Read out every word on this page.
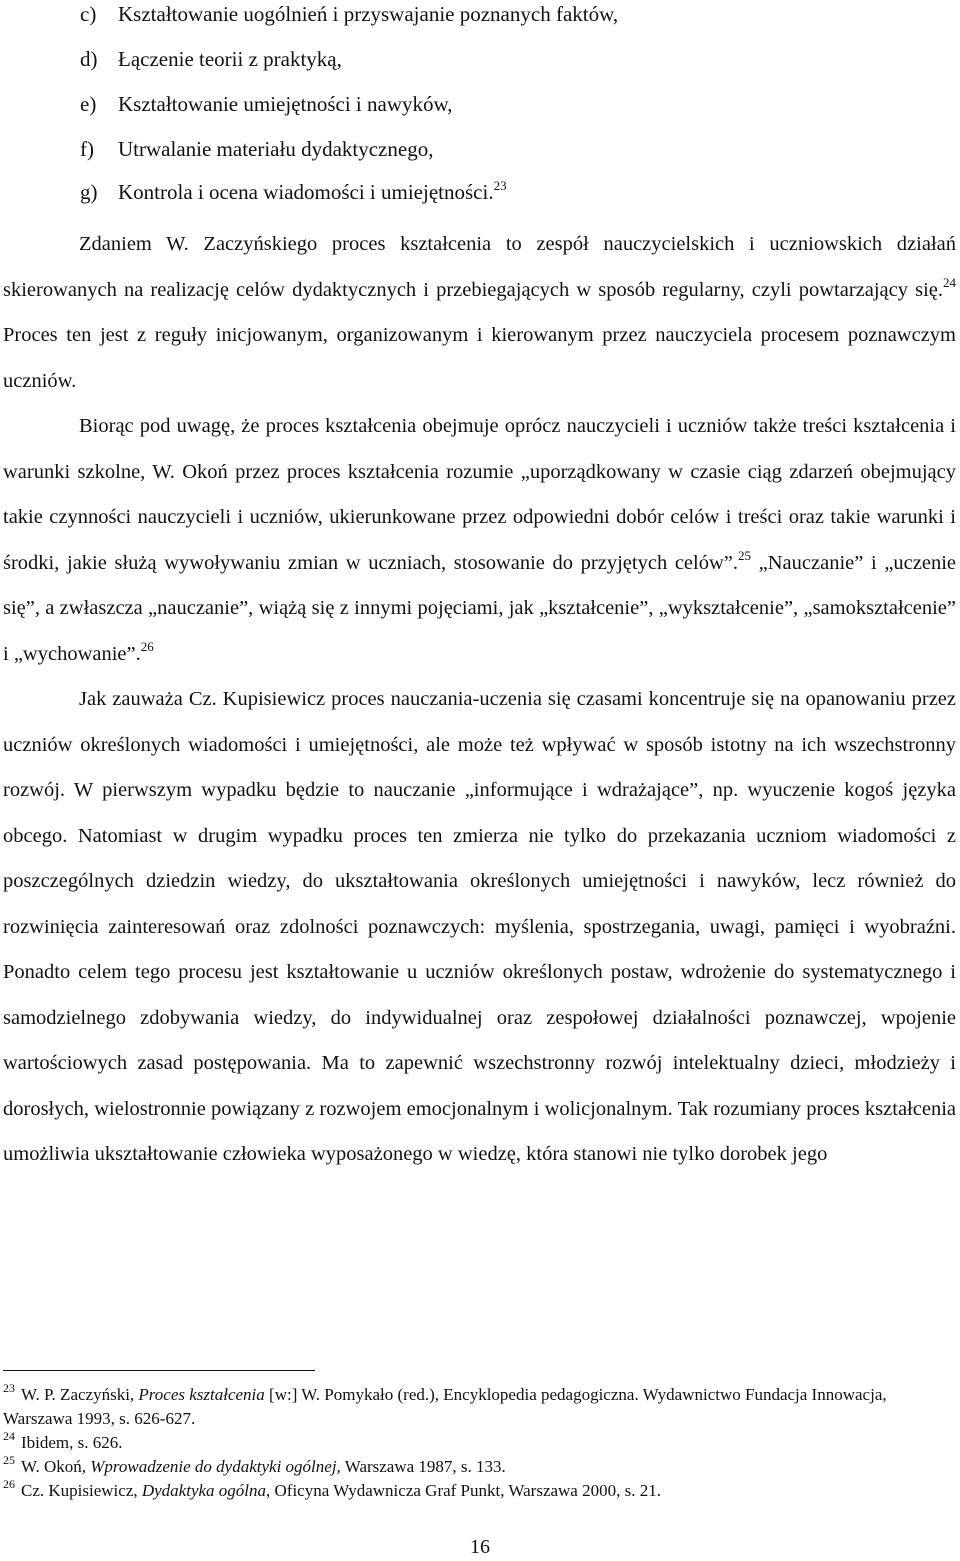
c) Kształtowanie uogólnień i przyswajanie poznanych faktów,
d) Łączenie teorii z praktyką,
e) Kształtowanie umiejętności i nawyków,
f) Utrwalanie materiału dydaktycznego,
g) Kontrola i ocena wiadomości i umiejętności.$^{23}$

Zdaniem W. Zaczyńskiego proces kształcenia to zespół nauczycielskich i uczniowskich działań skierowanych na realizację celów dydaktycznych i przebiegających w sposób regularny, czyli powtarzający się.$^{24}$ Proces ten jest z reguły inicjowanym, organizowanym i kierowanym przez nauczyciela procesem poznawczym uczniów.

Biorąc pod uwagę, że proces kształcenia obejmuje oprócz nauczycieli i uczniów także treści kształcenia i warunki szkolne, W. Okoń przez proces kształcenia rozumie „uporządkowany w czasie ciąg zdarzeń obejmujący takie czynności nauczycieli i uczniów, ukierunkowane przez odpowiedni dobór celów i treści oraz takie warunki i środki, jakie służą wywoływaniu zmian w uczniach, stosowanie do przyjętych celów”.$^{25}$ „Nauczanie” i „uczenie się”, a zwłaszcza „nauczanie”, wiążą się z innymi pojęciami, jak „kształcenie”, „wykształcenie”, „samokształcenie” i „wychowanie”.$^{26}$

Jak zauważa Cz. Kupisiewicz proces nauczania-uczenia się czasami koncentruje się na opanowaniu przez uczniów określonych wiadomości i umiejętności, ale może też wpływać w sposób istotny na ich wszechstronny rozwój. W pierwszym wypadku będzie to nauczanie „informujące i wdrażające”, np. wyuczenie kogoś języka obcego. Natomiast w drugim wypadku proces ten zmierza nie tylko do przekazania uczniom wiadomości z poszczególnych dziedzin wiedzy, do ukształtowania określonych umiejętności i nawyków, lecz również do rozwinięcia zainteresowań oraz zdolności poznawczych: myślenia, spostrzegania, uwagi, pamięci i wyobraźni. Ponadto celem tego procesu jest kształtowanie u uczniów określonych postaw, wdrożenie do systematycznego i samodzielnego zdobywania wiedzy, do indywidualnej oraz zespołowej działalności poznawczej, wpojenie wartościowych zasad postępowania. Ma to zapewnić wszechstronny rozwój intelektualny dzieci, młodzieży i dorosłych, wielostronnie powiązany z rozwojem emocjonalnym i wolicjonalnym. Tak rozumiany proces kształcenia umożliwia ukształtowanie człowieka wyposażonego w wiedzę, która stanowi nie tylko dorobek jego

$^{23}$ W. P. Zaczyński, Proces kształcenia [w:] W. Pomykało (red.), Encyklopedia pedagogiczna. Wydawnictwo Fundacja Innowacja, Warszawa 1993, s. 626-627.

$^{24}$ Ibidem, s. 626.

$^{25}$ W. Okoń, Wprowadzenie do dydaktyki ogólnej, Warszawa 1987, s. 133.

$^{26}$ Cz. Kupisiewicz, Dydaktyka ogólna, Oficyna Wydawnicza Graf Punkt, Warszawa 2000, s. 21.

16
